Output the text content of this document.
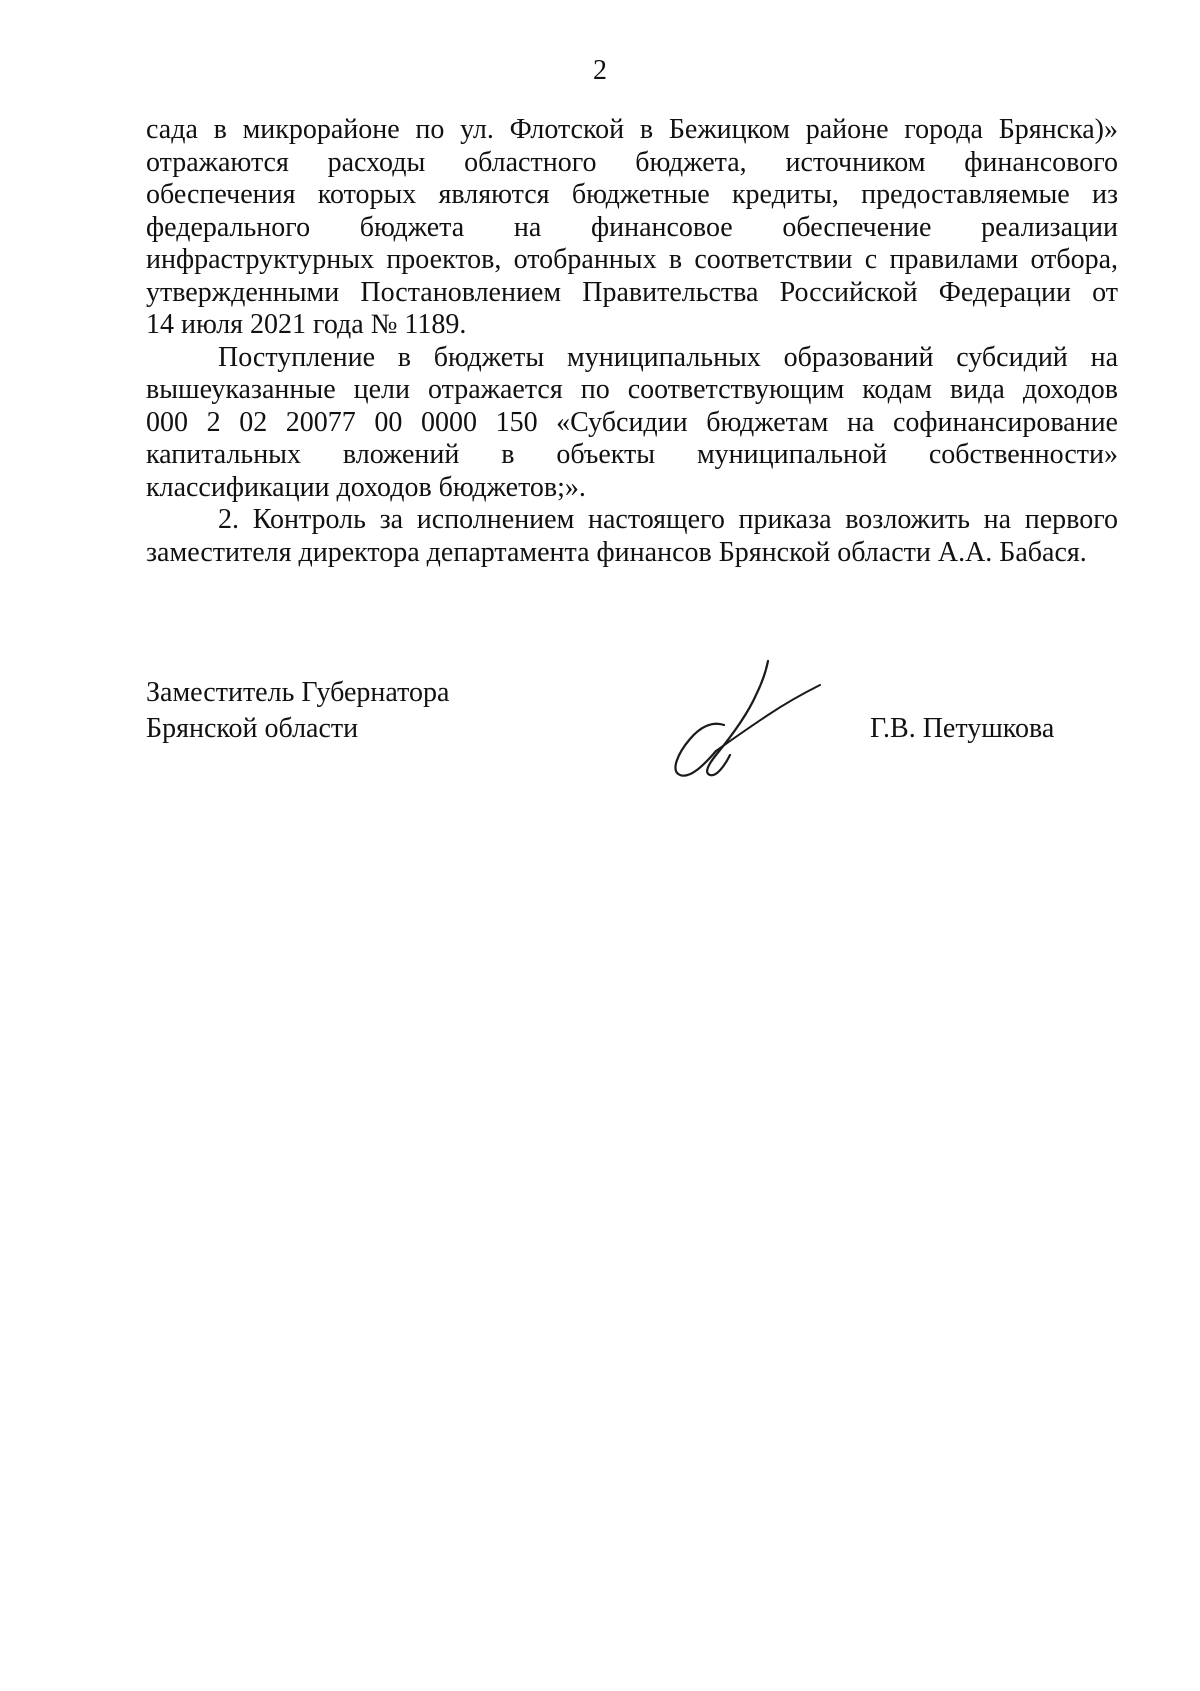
2

сада в микрорайоне по ул. Флотской в Бежицком районе города Брянска)»
отражаются расходы областного бюджета, источником финансового
обеспечения которых являются бюджетные кредиты, предоставляемые из
федерального бюджета на финансовое обеспечение реализации
инфраструктурных проектов, отобранных в соответствии с правилами отбора,
утвержденными Постановлением Правительства Российской Федерации от
14 июля 2021 года № 1189.

Поступление в бюджеты муниципальных образований субсидий на
вышеуказанные цели отражается по соответствующим кодам вида доходов
000 2 02 20077 00 0000 150 «Субсидии бюджетам на софинансирование
капитальных вложений в объекты муниципальной собственности»
классификации доходов бюджетов;».

2. Контроль за исполнением настоящего приказа возложить на первого
заместителя директора департамента финансов Брянской области А.А. Бабася.

Заместитель Губернатора
Брянской области	Г.В. Петушкова
